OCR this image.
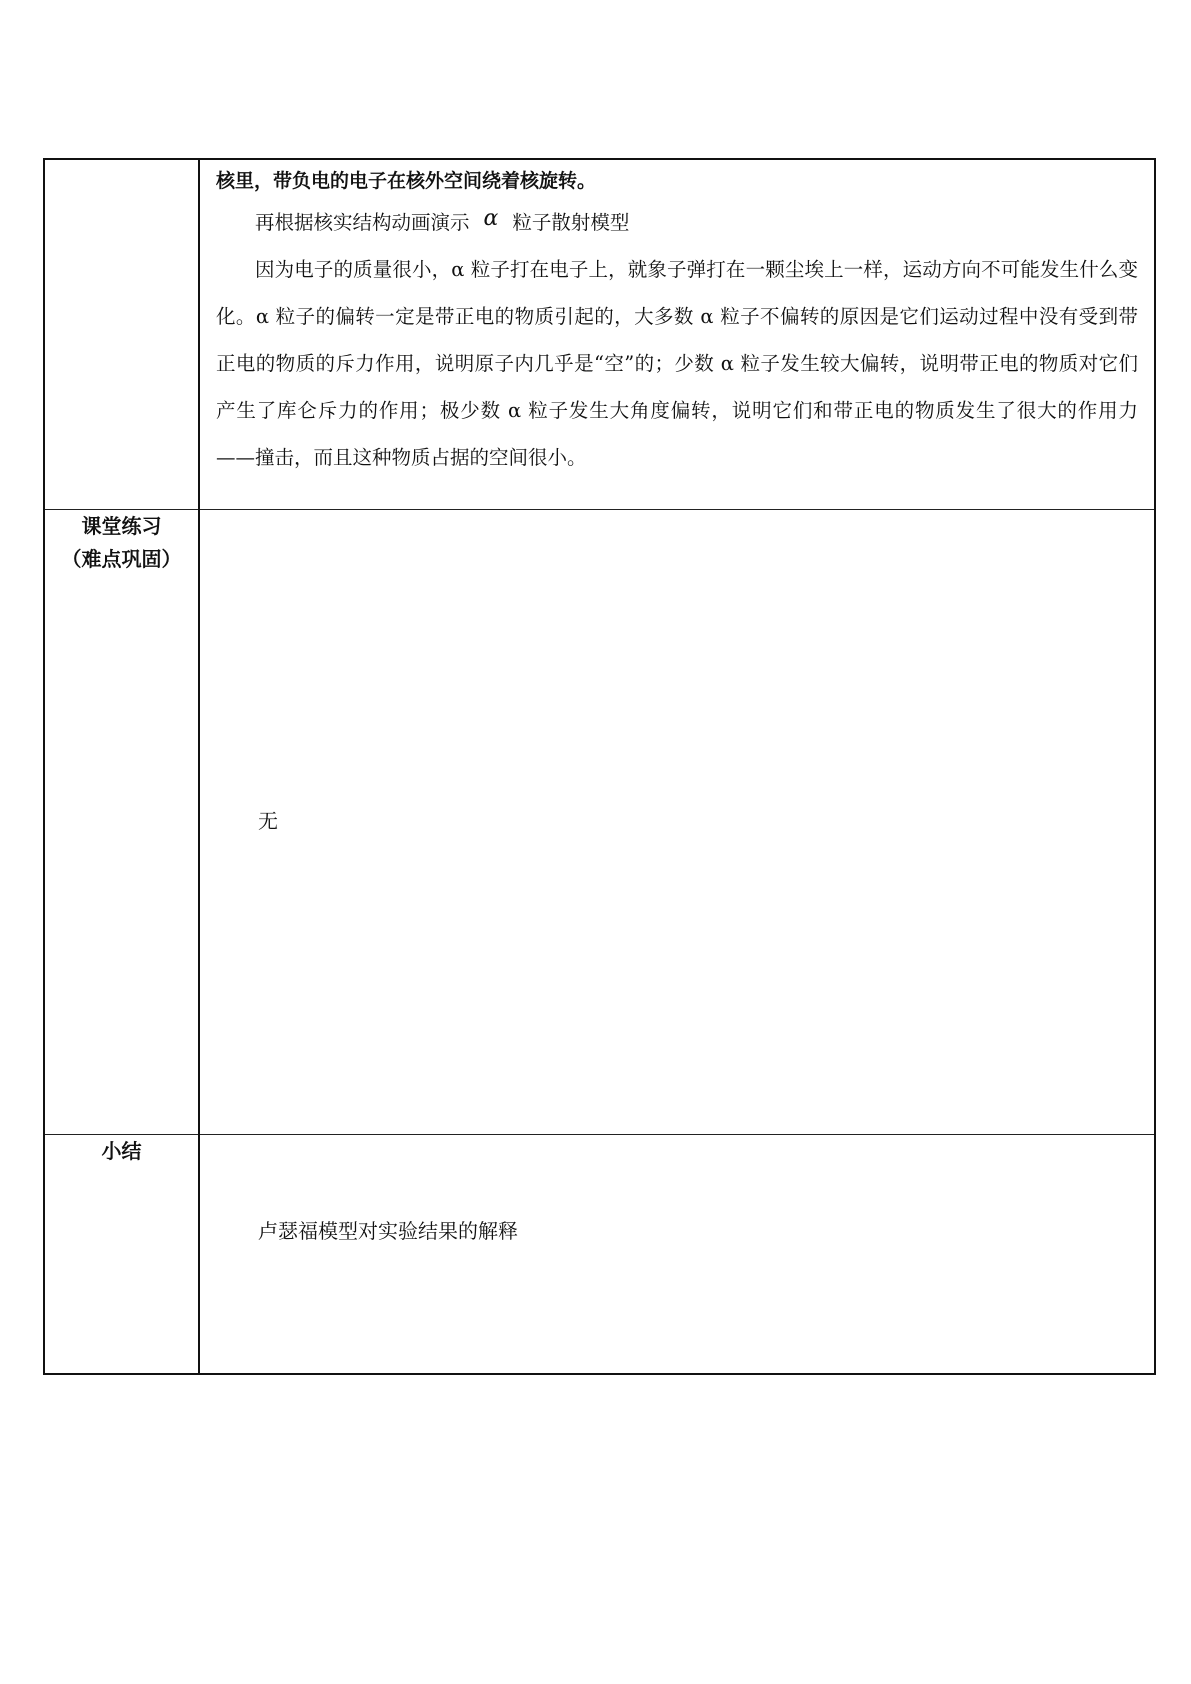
	核里，带负电的电子在核外空间绕着核旋转。
再根据核实结构动画演示 α 粒子散射模型
因为电子的质量很小，α 粒子打在电子上，就象子弹打在一颗尘埃上一样，运动方向不可能发生什么变化。α 粒子的偏转一定是带正电的物质引起的，大多数 α 粒子不偏转的原因是它们运动过程中没有受到带正电的物质的斥力作用，说明原子内几乎是“空”的；少数 α 粒子发生较大偏转，说明带正电的物质对它们产生了库仑斥力的作用；极少数 α 粒子发生大角度偏转，说明它们和带正电的物质发生了很大的作用力——撞击，而且这种物质占据的空间很小。

课堂练习
（难点巩固）	无

小结	卢瑟福模型对实验结果的解释
